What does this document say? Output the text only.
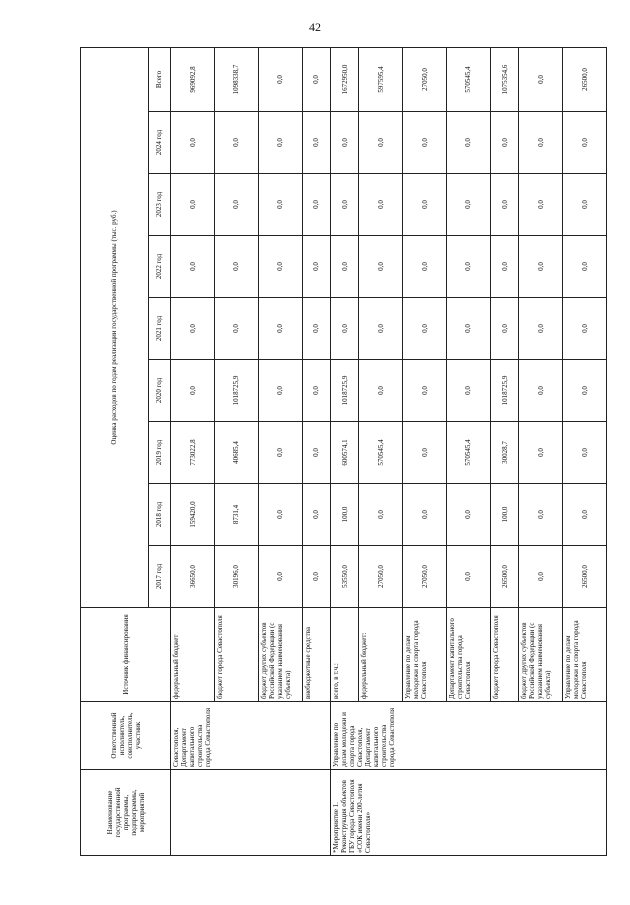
42
Наименование государственной программы, подпрограммы, мероприятий	Ответственный исполнитель, соисполнитель, участник	Источник финансирования	Оценка расходов по годам реализации государственной программы (тыс. руб.)								
			2017 год	2018 год	2019 год	2020 год	2021 год	2022 год	2023 год	2024 год	Всего
	Севастополя, Департамент капитального строительства города Севастополя	федеральный бюджет	36650,0	159420,0	773022,8	0,0	0,0	0,0	0,0	0,0	969092,8
		бюджет города Севастополя	30196,0	8731,4	40685,4	1018725,9	0,0	0,0	0,0	0,0	1098338,7
		бюджет других субъектов Российской Федерации (с указанием наименования субъекта)	0,0	0,0	0,0	0,0	0,0	0,0	0,0	0,0	0,0
		внебюджетные средства	0,0	0,0	0,0	0,0	0,0	0,0	0,0	0,0	0,0
*Мероприятие 1. Реконструкция объектов ГБУ города Севастополя «СОК имени 200-летия Севастополя»	Управление по делам молодежи и спорта города Севастополя, Департамент капитального строительства города Севастополя	всего, в т.ч.:	53550,0	100,0	600574,1	1018725,9	0,0	0,0	0,0	0,0	1672950,0
		федеральный бюджет:	27050,0	0,0	570545,4	0,0	0,0	0,0	0,0	0,0	597595,4
		Управление по делам молодежи и спорта города Севастополя	27050,0	0,0	0,0	0,0	0,0	0,0	0,0	0,0	27050,0
		Департамент капитального строительства города Севастополя	0,0	0,0	570545,4	0,0	0,0	0,0	0,0	0,0	570545,4
		бюджет города Севастополя	26500,0	100,0	30028,7	1018725,9	0,0	0,0	0,0	0,0	1075354,6
		бюджет других субъектов Российской Федерации (с указанием наименования субъекта)	0,0	0,0	0,0	0,0	0,0	0,0	0,0	0,0	0,0
		Управление по делам молодежи и спорта города Севастополя	26500,0	0,0	0,0	0,0	0,0	0,0	0,0	0,0	26500,0
